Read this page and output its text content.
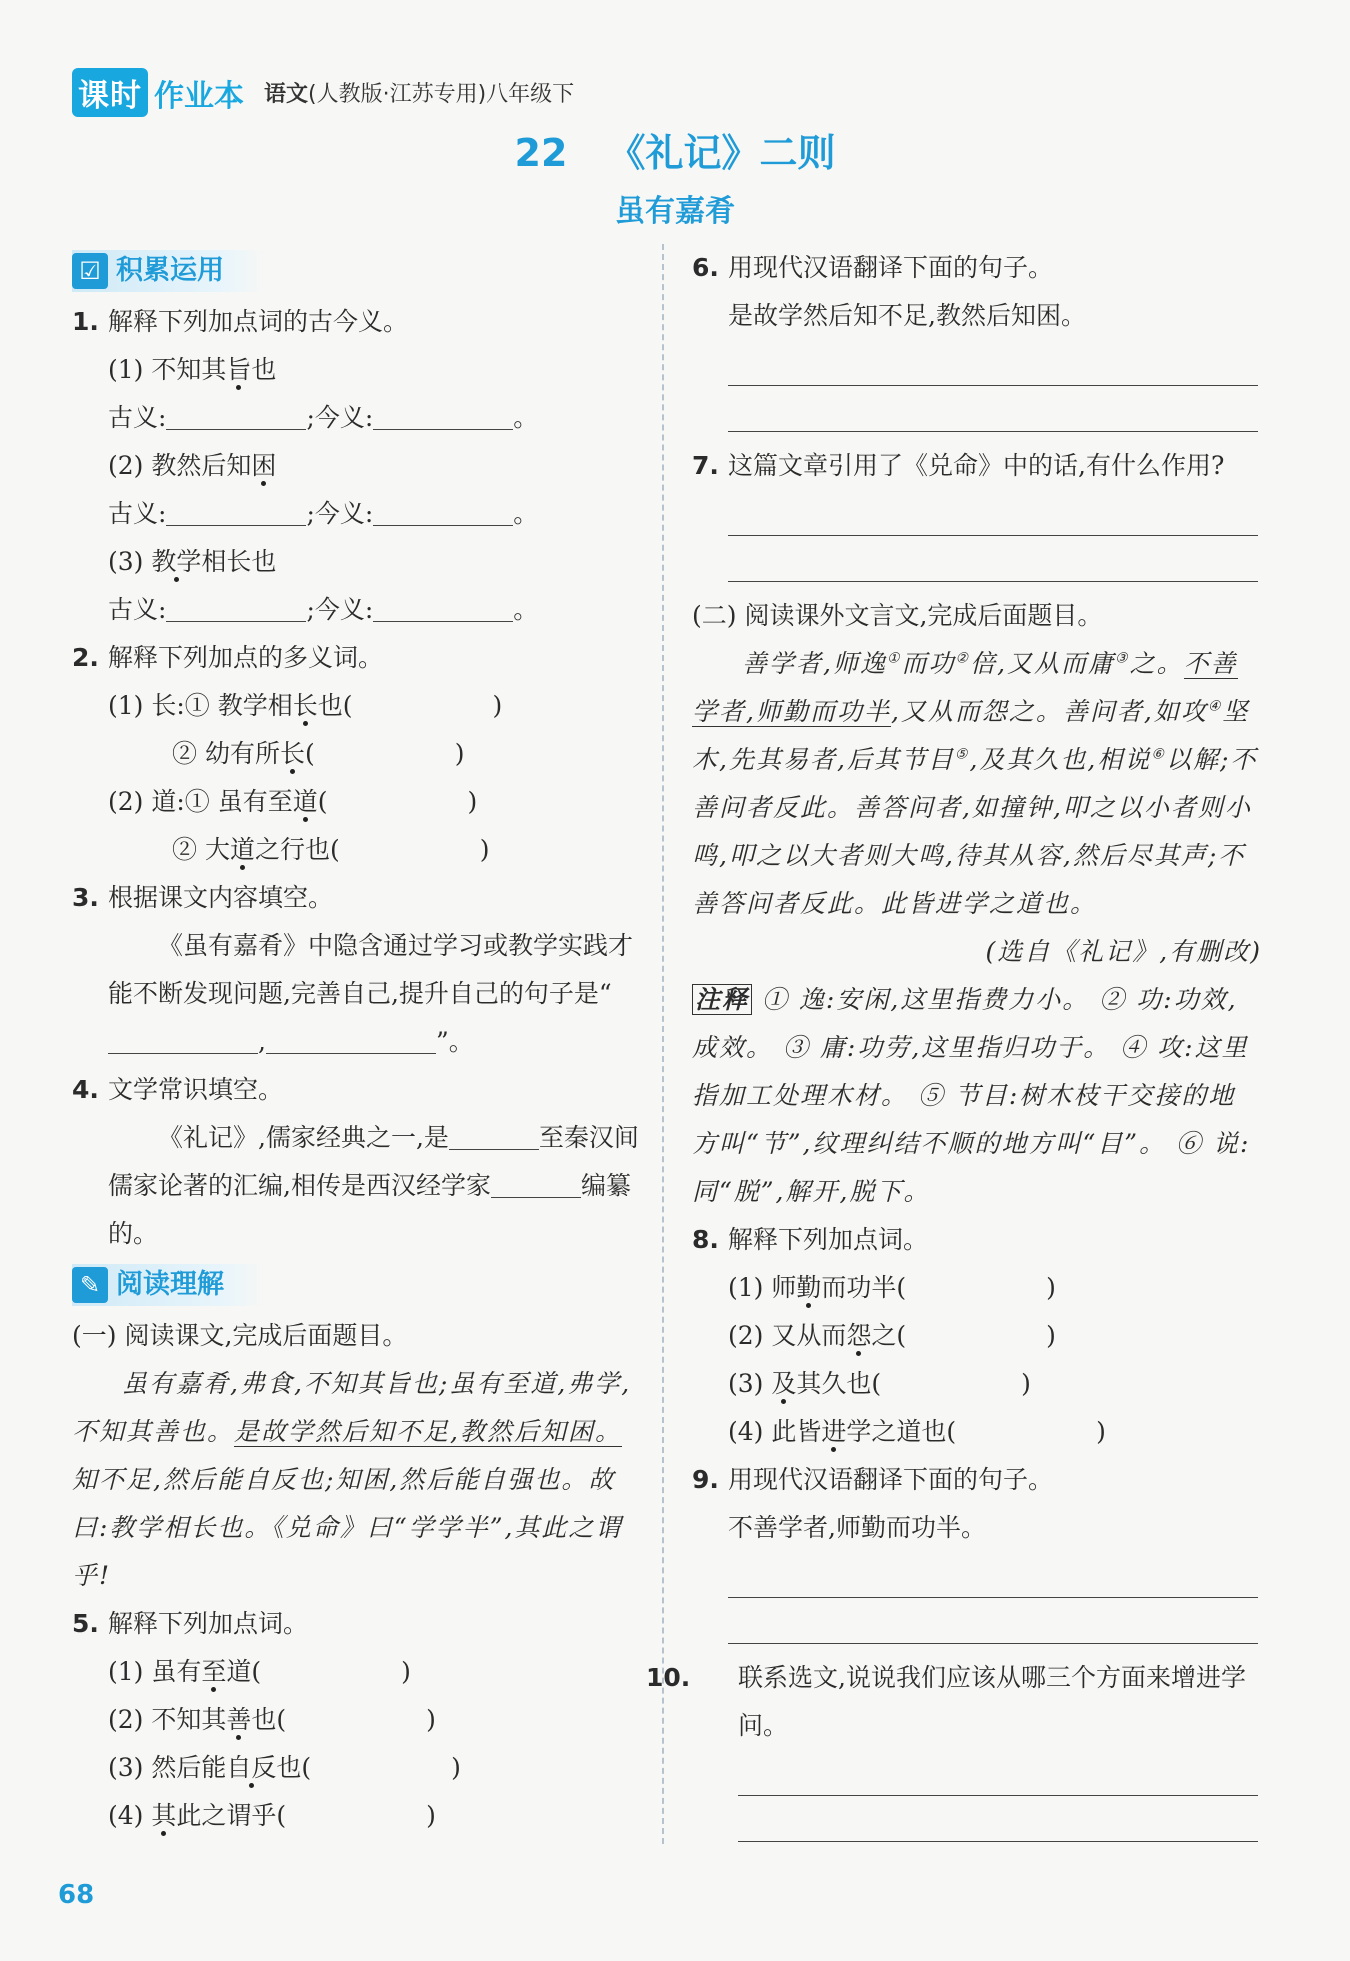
课时 作业本 语文(人教版·江苏专用)八年级下
22 《礼记》二则
虽有嘉肴
☑ 积累运用
1. 解释下列加点词的古今义。
(1) 不知其旨也
古义:	;今义:	。
(2) 教然后知困
古义:	;今义:	。
(3) 教学相长也
古义:	;今义:	。
2. 解释下列加点的多义词。
(1) 长:① 教学相长也(	)
② 幼有所长(	)
(2) 道:① 虽有至道(	)
② 大道之行也(	)
3. 根据课文内容填空。
《虽有嘉肴》中隐含通过学习或教学实践才能不断发现问题,完善自己,提升自己的句子是“,	”。
4. 文学常识填空。
《礼记》,儒家经典之一,是	至秦汉间儒家论著的汇编,相传是西汉经学家	编纂的。
✎ 阅读理解
(一) 阅读课文,完成后面题目。
虽有嘉肴,弗食,不知其旨也;虽有至道,弗学,不知其善也。是故学然后知不足,教然后知困。知不足,然后能自反也;知困,然后能自强也。故曰:教学相长也。《兑命》曰“学学半”,其此之谓乎!
5. 解释下列加点词。
(1) 虽有至道(	)
(2) 不知其善也(	)
(3) 然后能自反也(	)
(4) 其此之谓乎(	)
6. 用现代汉语翻译下面的句子。
是故学然后知不足,教然后知困。
7. 这篇文章引用了《兑命》中的话,有什么作用?
(二) 阅读课外文言文,完成后面题目。
善学者,师逸①而功②倍,又从而庸③之。不善学者,师勤而功半,又从而怨之。善问者,如攻④坚木,先其易者,后其节目⑤,及其久也,相说⑥以解;不善问者反此。善答问者,如撞钟,叩之以小者则小鸣,叩之以大者则大鸣,待其从容,然后尽其声;不善答问者反此。此皆进学之道也。
(选自《礼记》,有删改)
注释 ① 逸:安闲,这里指费力小。 ② 功:功效,成效。 ③ 庸:功劳,这里指归功于。 ④ 攻:这里指加工处理木材。 ⑤ 节目:树木枝干交接的地方叫“节”,纹理纠结不顺的地方叫“目”。 ⑥ 说:同“脱”,解开,脱下。
8. 解释下列加点词。
(1) 师勤而功半(	)
(2) 又从而怨之(	)
(3) 及其久也(	)
(4) 此皆进学之道也(	)
9. 用现代汉语翻译下面的句子。
不善学者,师勤而功半。
10. 联系选文,说说我们应该从哪三个方面来增进学问。
68
